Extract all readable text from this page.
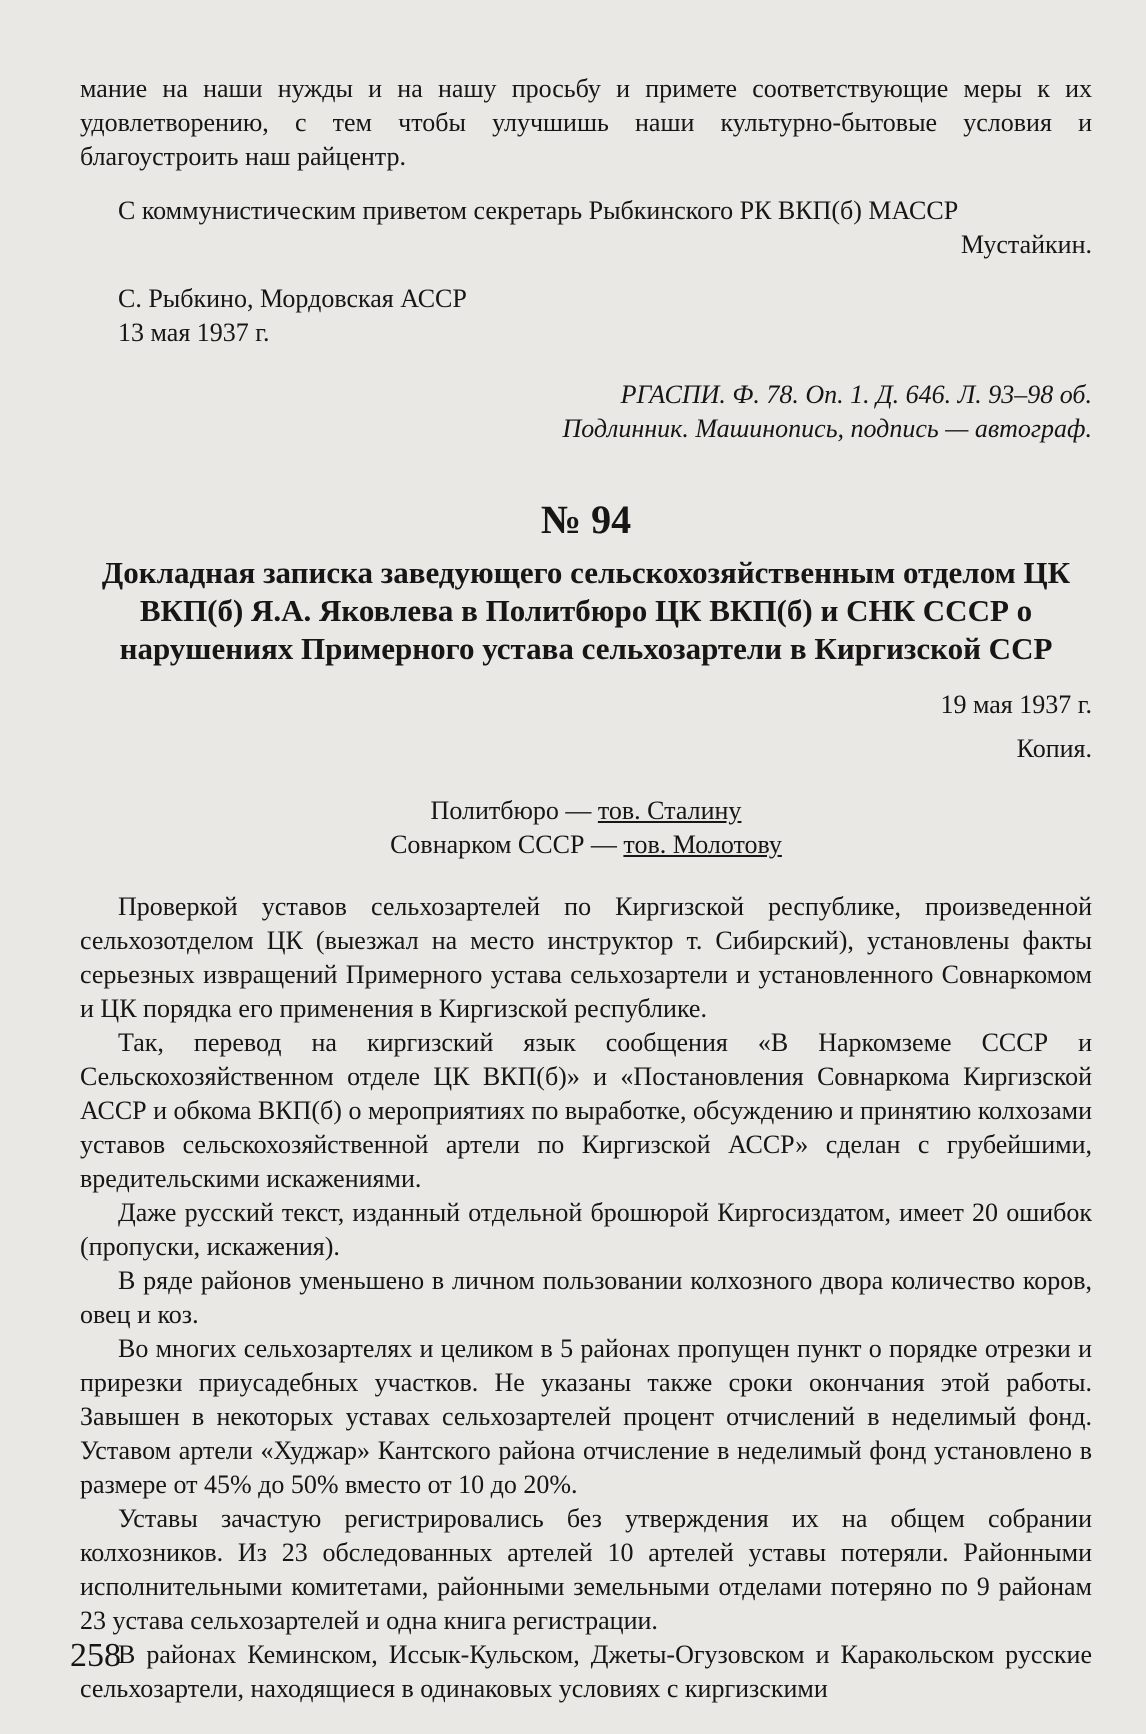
мание на наши нужды и на нашу просьбу и примете соответствующие меры к их удовлетворению, с тем чтобы улучшишь наши культурно-бытовые условия и благоустроить наш райцентр.

С коммунистическим приветом секретарь Рыбкинского РК ВКП(б) МАССР

Мустайкин.

С. Рыбкино, Мордовская АССР

13 мая 1937 г.

РГАСПИ. Ф. 78. Оп. 1. Д. 646. Л. 93–98 об.

Подлинник. Машинопись, подпись — автограф.

№ 94

Докладная записка заведующего сельскохозяйственным отделом ЦК ВКП(б) Я.А. Яковлева в Политбюро ЦК ВКП(б) и СНК СССР о нарушениях Примерного устава сельхозартели в Киргизской ССР

19 мая 1937 г.

Копия.

Политбюро — тов. Сталину

Совнарком СССР — тов. Молотову

Проверкой уставов сельхозартелей по Киргизской республике, произведенной сельхозотделом ЦК (выезжал на место инструктор т. Сибирский), установлены факты серьезных извращений Примерного устава сельхозартели и установленного Совнаркомом и ЦК порядка его применения в Киргизской республике.

Так, перевод на киргизский язык сообщения «В Наркомземе СССР и Сельскохозяйственном отделе ЦК ВКП(б)» и «Постановления Совнаркома Киргизской АССР и обкома ВКП(б) о мероприятиях по выработке, обсуждению и принятию колхозами уставов сельскохозяйственной артели по Киргизской АССР» сделан с грубейшими, вредительскими искажениями.

Даже русский текст, изданный отдельной брошюрой Киргосиздатом, имеет 20 ошибок (пропуски, искажения).

В ряде районов уменьшено в личном пользовании колхозного двора количество коров, овец и коз.

Во многих сельхозартелях и целиком в 5 районах пропущен пункт о порядке отрезки и прирезки приусадебных участков. Не указаны также сроки окончания этой работы. Завышен в некоторых уставах сельхозартелей процент отчислений в неделимый фонд. Уставом артели «Худжар» Кантского района отчисление в неделимый фонд установлено в размере от 45% до 50% вместо от 10 до 20%.

Уставы зачастую регистрировались без утверждения их на общем собрании колхозников. Из 23 обследованных артелей 10 артелей уставы потеряли. Районными исполнительными комитетами, районными земельными отделами потеряно по 9 районам 23 устава сельхозартелей и одна книга регистрации.

В районах Кеминском, Иссык-Кульском, Джеты-Огузовском и Каракольском русские сельхозартели, находящиеся в одинаковых условиях с киргизскими

258
